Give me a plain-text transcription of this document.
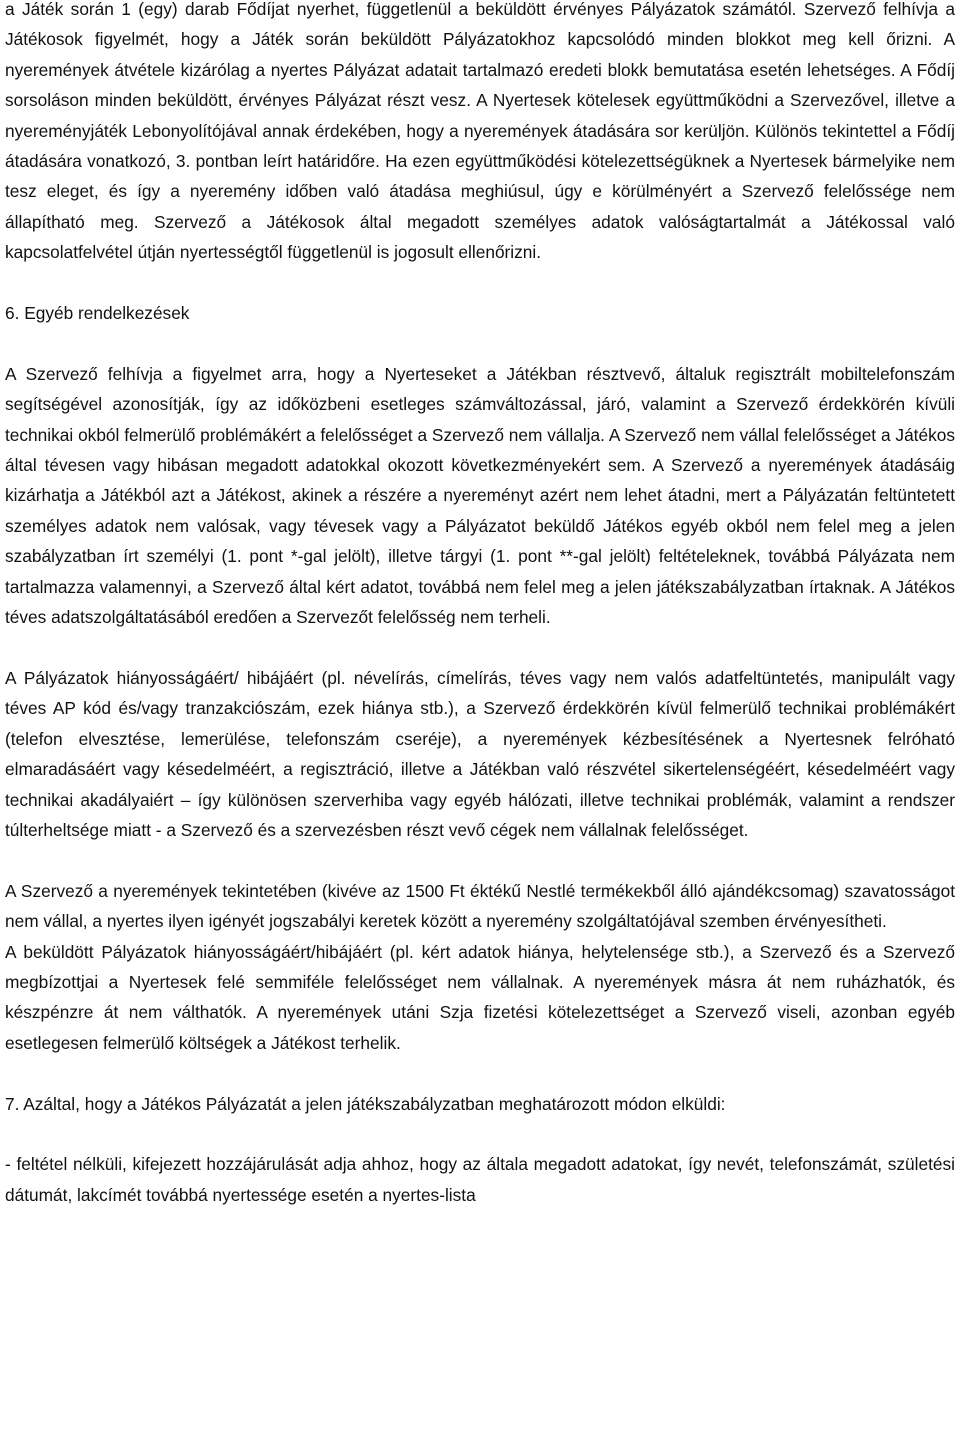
a Játék során 1 (egy) darab Fődíjat nyerhet, függetlenül a beküldött érvényes Pályázatok számától. Szervező felhívja a Játékosok figyelmét, hogy a Játék során beküldött Pályázatokhoz kapcsolódó minden blokkot meg kell őrizni. A nyeremények átvétele kizárólag a nyertes Pályázat adatait tartalmazó eredeti blokk bemutatása esetén lehetséges. A Fődíj sorsoláson minden beküldött, érvényes Pályázat részt vesz. A Nyertesek kötelesek együttműködni a Szervezővel, illetve a nyereményjáték Lebonyolítójával annak érdekében, hogy a nyeremények átadására sor kerüljön. Különös tekintettel a Fődíj átadására vonatkozó, 3. pontban leírt határidőre. Ha ezen együttműködési kötelezettségüknek a Nyertesek bármelyike nem tesz eleget, és így a nyeremény időben való átadása meghiúsul, úgy e körülményért a Szervező felelőssége nem állapítható meg. Szervező a Játékosok által megadott személyes adatok valóságtartalmát a Játékossal való kapcsolatfelvétel útján nyertességtől függetlenül is jogosult ellenőrizni.

6. Egyéb rendelkezések

A Szervező felhívja a figyelmet arra, hogy a Nyerteseket a Játékban résztvevő, általuk regisztrált mobiltelefonszám segítségével azonosítják, így az időközbeni esetleges számváltozással, járó, valamint a Szervező érdekkörén kívüli technikai okból felmerülő problémákért a felelősséget a Szervező nem vállalja. A Szervező nem vállal felelősséget a Játékos által tévesen vagy hibásan megadott adatokkal okozott következményekért sem. A Szervező a nyeremények átadásáig kizárhatja a Játékból azt a Játékost, akinek a részére a nyereményt azért nem lehet átadni, mert a Pályázatán feltüntetett személyes adatok nem valósak, vagy tévesek vagy a Pályázatot beküldő Játékos egyéb okból nem felel meg a jelen szabályzatban írt személyi (1. pont *-gal jelölt), illetve tárgyi (1. pont **-gal jelölt) feltételeknek, továbbá Pályázata nem tartalmazza valamennyi, a Szervező által kért adatot, továbbá nem felel meg a jelen játékszabályzatban írtaknak. A Játékos téves adatszolgáltatásából eredően a Szervezőt felelősség nem terheli.

A Pályázatok hiányosságáért/ hibájáért (pl. névelírás, címelírás, téves vagy nem valós adatfeltüntetés, manipulált vagy téves AP kód és/vagy tranzakciószám, ezek hiánya stb.), a Szervező érdekkörén kívül felmerülő technikai problémákért (telefon elvesztése, lemerülése, telefonszám cseréje), a nyeremények kézbesítésének a Nyertesnek felróható elmaradásáért vagy késedelméért, a regisztráció, illetve a Játékban való részvétel sikertelenségéért, késedelméért vagy technikai akadályaiért – így különösen szerverhiba vagy egyéb hálózati, illetve technikai problémák, valamint a rendszer túlterheltsége miatt - a Szervező és a szervezésben részt vevő cégek nem vállalnak felelősséget.

A Szervező a nyeremények tekintetében (kivéve az 1500 Ft éktékű Nestlé termékekből álló ajándékcsomag) szavatosságot nem vállal, a nyertes ilyen igényét jogszabályi keretek között a nyeremény szolgáltatójával szemben érvényesítheti.

A beküldött Pályázatok hiányosságáért/hibájáért (pl. kért adatok hiánya, helytelensége stb.), a Szervező és a Szervező megbízottjai a Nyertesek felé semmiféle felelősséget nem vállalnak. A nyeremények másra át nem ruházhatók, és készpénzre át nem válthatók. A nyeremények utáni Szja fizetési kötelezettséget a Szervező viseli, azonban egyéb esetlegesen felmerülő költségek a Játékost terhelik.

7. Azáltal, hogy a Játékos Pályázatát a jelen játékszabályzatban meghatározott módon elküldi:

- feltétel nélküli, kifejezett hozzájárulását adja ahhoz, hogy az általa megadott adatokat, így nevét, telefonszámát, születési dátumát, lakcímét továbbá nyertessége esetén a nyertes-lista
